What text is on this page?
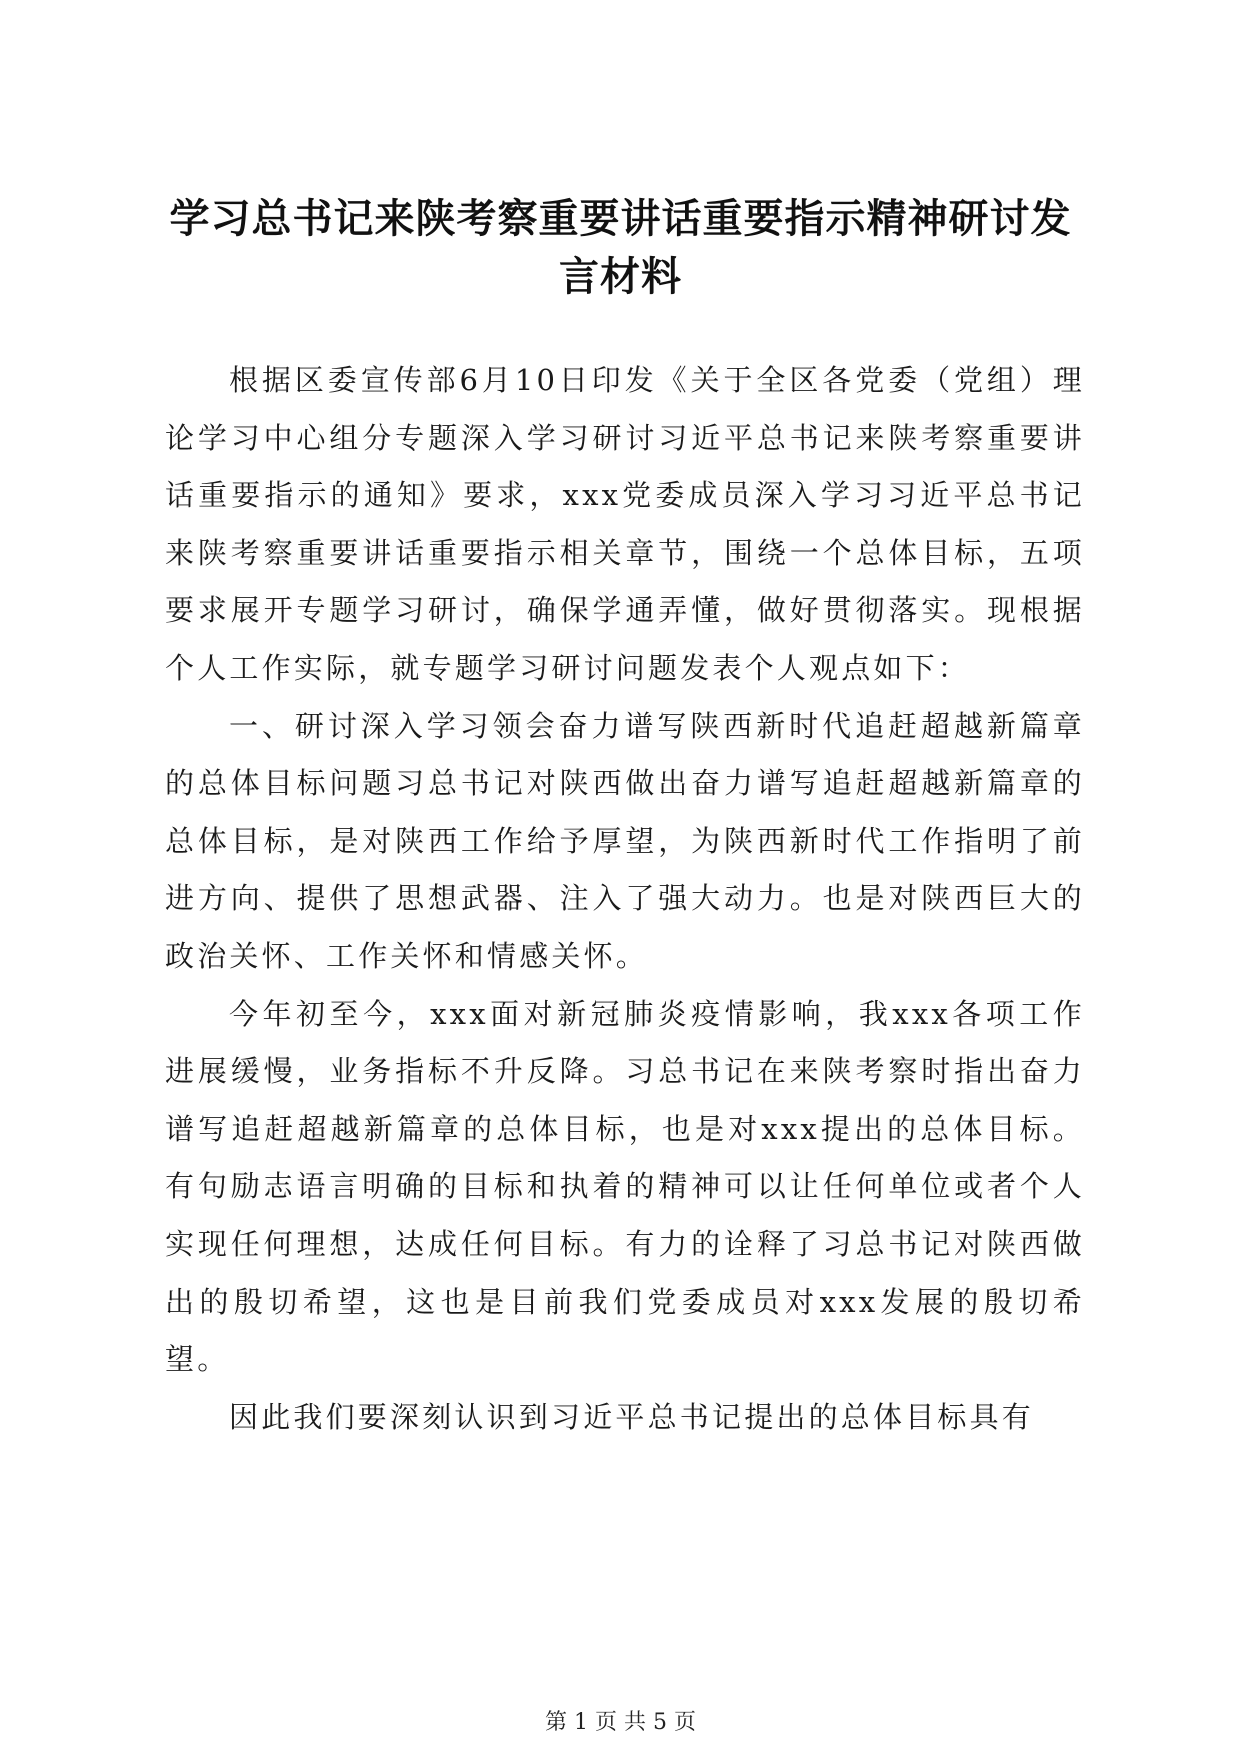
学习总书记来陕考察重要讲话重要指示精神研讨发言材料

根据区委宣传部6月10日印发《关于全区各党委（党组）理论学习中心组分专题深入学习研讨习近平总书记来陕考察重要讲话重要指示的通知》要求，xxx党委成员深入学习习近平总书记来陕考察重要讲话重要指示相关章节，围绕一个总体目标，五项要求展开专题学习研讨，确保学通弄懂，做好贯彻落实。现根据个人工作实际，就专题学习研讨问题发表个人观点如下：

一、研讨深入学习领会奋力谱写陕西新时代追赶超越新篇章的总体目标问题习总书记对陕西做出奋力谱写追赶超越新篇章的总体目标，是对陕西工作给予厚望，为陕西新时代工作指明了前进方向、提供了思想武器、注入了强大动力。也是对陕西巨大的政治关怀、工作关怀和情感关怀。

今年初至今，xxx面对新冠肺炎疫情影响，我xxx各项工作进展缓慢，业务指标不升反降。习总书记在来陕考察时指出奋力谱写追赶超越新篇章的总体目标，也是对xxx提出的总体目标。有句励志语言明确的目标和执着的精神可以让任何单位或者个人实现任何理想，达成任何目标。有力的诠释了习总书记对陕西做出的殷切希望，这也是目前我们党委成员对xxx发展的殷切希望。

因此我们要深刻认识到习近平总书记提出的总体目标具有

第 1 页 共 5 页
